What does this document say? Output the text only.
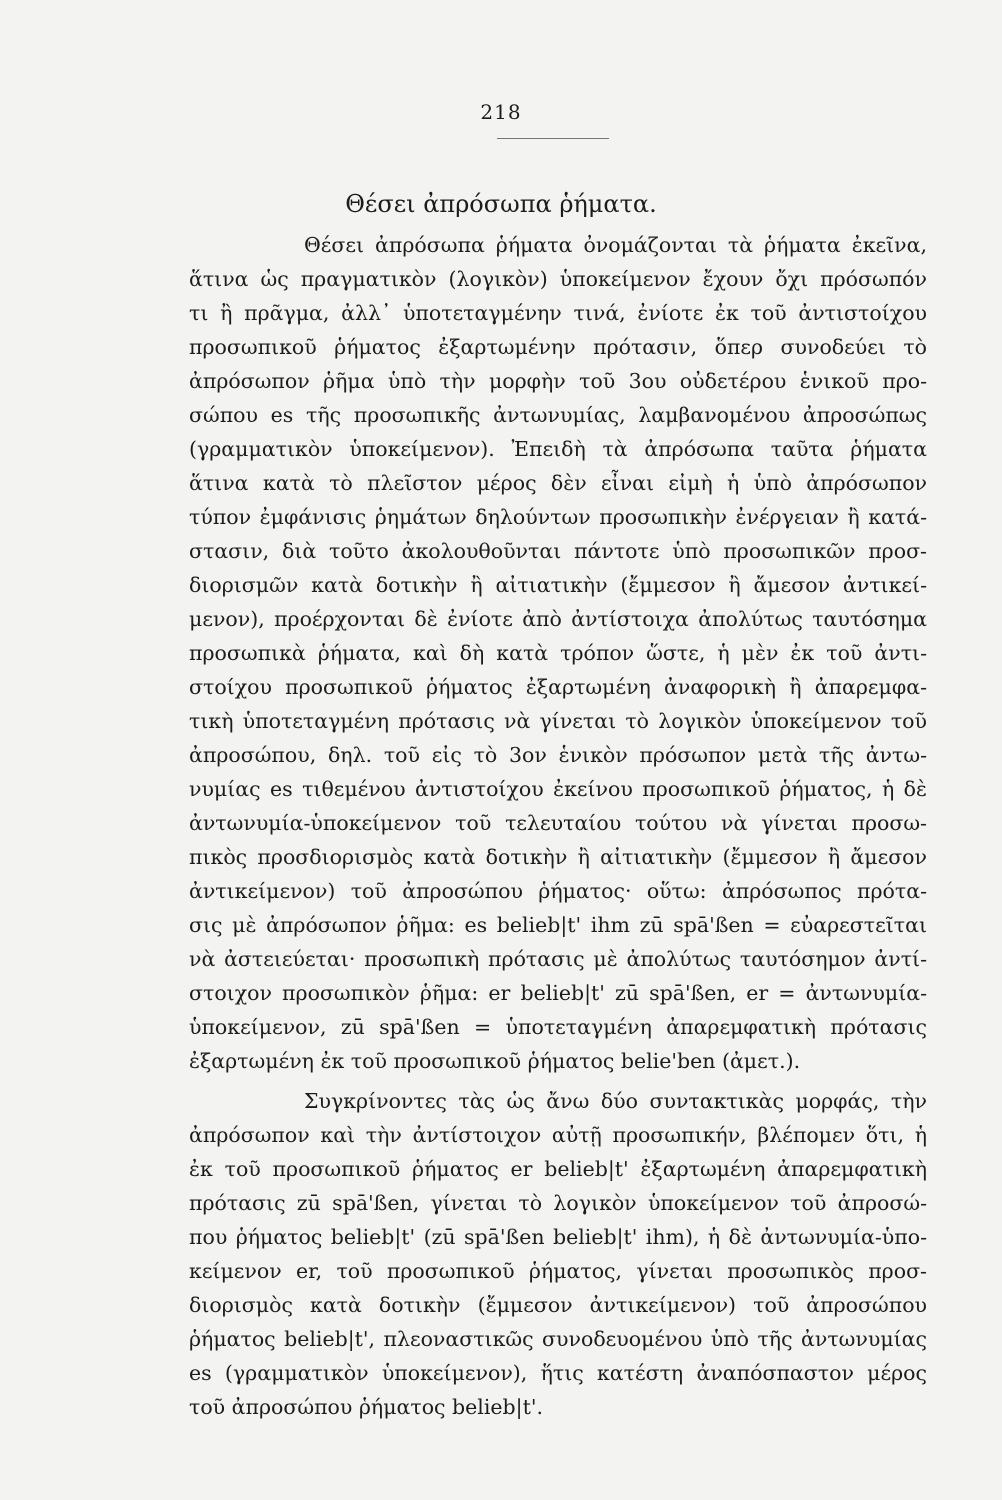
218
Θέσει ἀπρόσωπα ῥήματα.
Θέσει ἀπρόσωπα ῥήματα ὀνομάζονται τὰ ῥήματα ἐκεῖνα,
ἅτινα ὡς πραγματικὸν (λογικὸν) ὑποκείμενον ἔχουν ὄχι πρόσωπόν
τι ἢ πρᾶγμα, ἀλλ᾿ ὑποτεταγμένην τινά, ἐνίοτε ἐκ τοῦ ἀντιστοίχου
προσωπικοῦ ῥήματος ἐξαρτωμένην πρότασιν, ὅπερ συνοδεύει τὸ
ἀπρόσωπον ῥῆμα ὑπὸ τὴν μορφὴν τοῦ 3ου οὐδετέρου ἑνικοῦ προ-
σώπου es τῆς προσωπικῆς ἀντωνυμίας, λαμβανομένου ἀπροσώπως
(γραμματικὸν ὑποκείμενον). Ἐπειδὴ τὰ ἀπρόσωπα ταῦτα ῥήματα
ἅτινα κατὰ τὸ πλεῖστον μέρος δὲν εἶναι εἰμὴ ἡ ὑπὸ ἀπρόσωπον
τύπον ἐμφάνισις ῥημάτων δηλούντων προσωπικὴν ἐνέργειαν ἢ κατά-
στασιν, διὰ τοῦτο ἀκολουθοῦνται πάντοτε ὑπὸ προσωπικῶν προσ-
διορισμῶν κατὰ δοτικὴν ἢ αἰτιατικὴν (ἔμμεσον ἢ ἄμεσον ἀντικεί-
μενον), προέρχονται δὲ ἐνίοτε ἀπὸ ἀντίστοιχα ἀπολύτως ταυτόσημα
προσωπικὰ ῥήματα, καὶ δὴ κατὰ τρόπον ὥστε, ἡ μὲν ἐκ τοῦ ἀντι-
στοίχου προσωπικοῦ ῥήματος ἐξαρτωμένη ἀναφορικὴ ἢ ἀπαρεμφα-
τικὴ ὑποτεταγμένη πρότασις νὰ γίνεται τὸ λογικὸν ὑποκείμενον τοῦ
ἀπροσώπου, δηλ. τοῦ εἰς τὸ 3ον ἑνικὸν πρόσωπον μετὰ τῆς ἀντω-
νυμίας es τιθεμένου ἀντιστοίχου ἐκείνου προσωπικοῦ ῥήματος, ἡ δὲ
ἀντωνυμία-ὑποκείμενον τοῦ τελευταίου τούτου νὰ γίνεται προσω-
πικὸς προσδιορισμὸς κατὰ δοτικὴν ἢ αἰτιατικὴν (ἔμμεσον ἢ ἄμεσον
ἀντικείμενον) τοῦ ἀπροσώπου ῥήματος· οὕτω: ἀπρόσωπος πρότα-
σις μὲ ἀπρόσωπον ῥῆμα: es belieb|t' ihm zū spā'ßen = εὐαρεστεῖται
νὰ ἀστειεύεται· προσωπικὴ πρότασις μὲ ἀπολύτως ταυτόσημον ἀντί-
στοιχον προσωπικὸν ῥῆμα: er belieb|t' zū spā'ßen, er = ἀντωνυμία-
ὑποκείμενον, zū spā'ßen = ὑποτεταγμένη ἀπαρεμφατικὴ πρότασις
ἐξαρτωμένη ἐκ τοῦ προσωπικοῦ ῥήματος belie'ben (ἀμετ.).
Συγκρίνοντες τὰς ὡς ἄνω δύο συντακτικὰς μορφάς, τὴν
ἀπρόσωπον καὶ τὴν ἀντίστοιχον αὐτῇ προσωπικήν, βλέπομεν ὅτι, ἡ
ἐκ τοῦ προσωπικοῦ ῥήματος er belieb|t' ἐξαρτωμένη ἀπαρεμφατικὴ
πρότασις zū spā'ßen, γίνεται τὸ λογικὸν ὑποκείμενον τοῦ ἀπροσώ-
που ῥήματος belieb|t' (zū spā'ßen belieb|t' ihm), ἡ δὲ ἀντωνυμία-ὑπο-
κείμενον er, τοῦ προσωπικοῦ ῥήματος, γίνεται προσωπικὸς προσ-
διορισμὸς κατὰ δοτικὴν (ἔμμεσον ἀντικείμενον) τοῦ ἀπροσώπου
ῥήματος belieb|t', πλεοναστικῶς συνοδευομένου ὑπὸ τῆς ἀντωνυμίας
es (γραμματικὸν ὑποκείμενον), ἥτις κατέστη ἀναπόσπαστον μέρος
τοῦ ἀπροσώπου ῥήματος belieb|t'.
